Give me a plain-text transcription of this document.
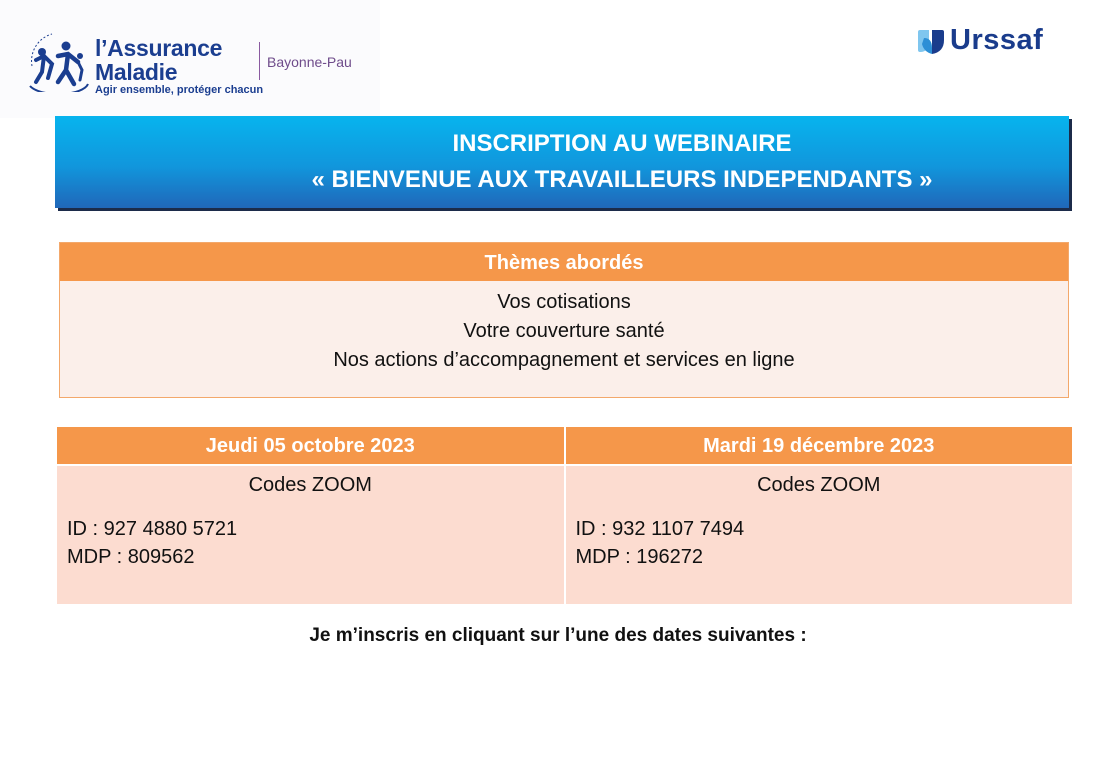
l’Assurance
Maladie
Agir ensemble, protéger chacun
Bayonne-Pau
Urssaf
INSCRIPTION AU WEBINAIRE
« BIENVENUE AUX TRAVAILLEURS INDEPENDANTS »
Thèmes abordés
Vos cotisations
Votre couverture santé
Nos actions d’accompagnement et services en ligne
Jeudi 05 octobre 2023
Codes ZOOM
ID : 927 4880 5721
MDP : 809562
Mardi 19 décembre 2023
Codes ZOOM
ID : 932 1107 7494
MDP : 196272
Je m’inscris en cliquant sur l’une des dates suivantes :
